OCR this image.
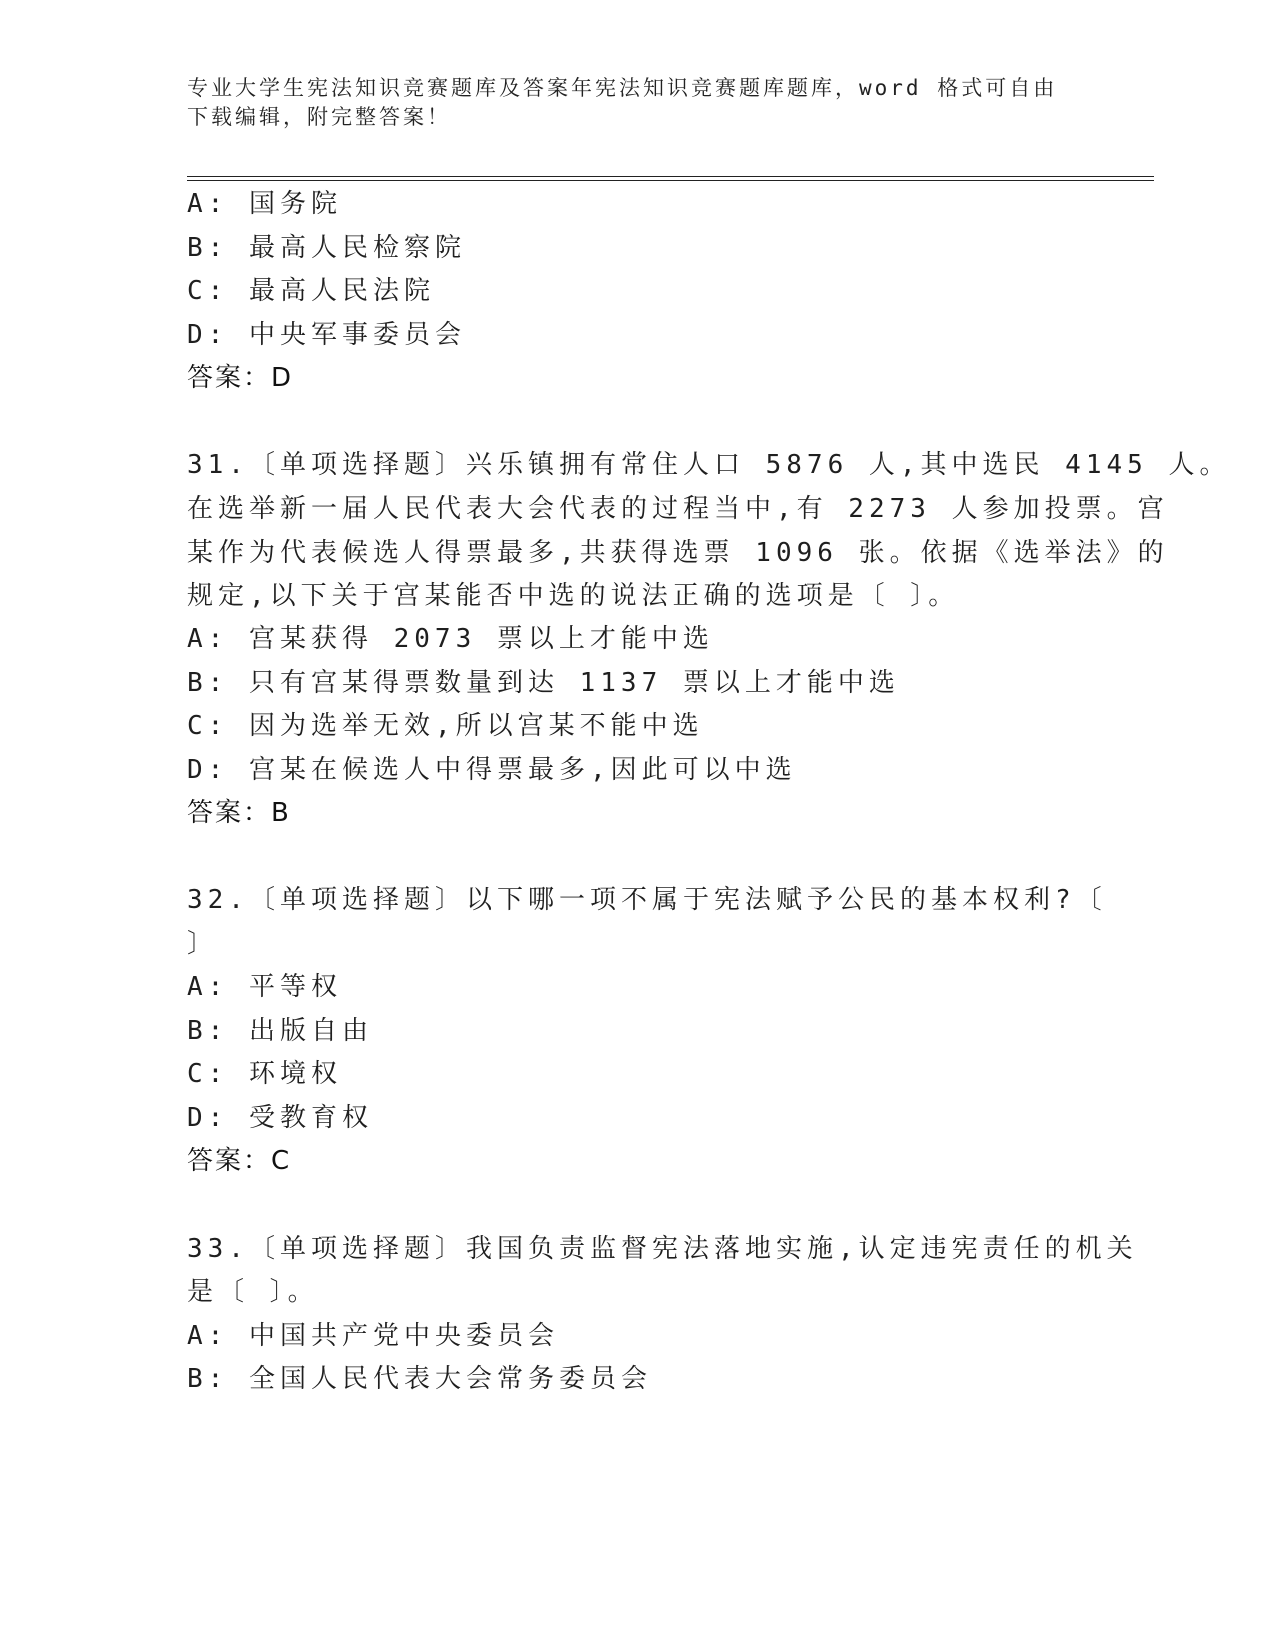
专业大学生宪法知识竞赛题库及答案年宪法知识竞赛题库题库，word 格式可自由
下载编辑，附完整答案！
A: 国务院
B: 最高人民检察院
C: 最高人民法院
D: 中央军事委员会
答案：D
31.〔单项选择题〕兴乐镇拥有常住人口 5876 人,其中选民 4145 人。
在选举新一届人民代表大会代表的过程当中,有 2273 人参加投票。宫
某作为代表候选人得票最多,共获得选票 1096 张。依据《选举法》的
规定,以下关于宫某能否中选的说法正确的选项是〔 〕。
A: 宫某获得 2073 票以上才能中选
B: 只有宫某得票数量到达 1137 票以上才能中选
C: 因为选举无效,所以宫某不能中选
D: 宫某在候选人中得票最多,因此可以中选
答案：B
32.〔单项选择题〕以下哪一项不属于宪法赋予公民的基本权利?〔
〕
A: 平等权
B: 出版自由
C: 环境权
D: 受教育权
答案：C
33.〔单项选择题〕我国负责监督宪法落地实施,认定违宪责任的机关
是〔 〕。
A: 中国共产党中央委员会
B: 全国人民代表大会常务委员会
